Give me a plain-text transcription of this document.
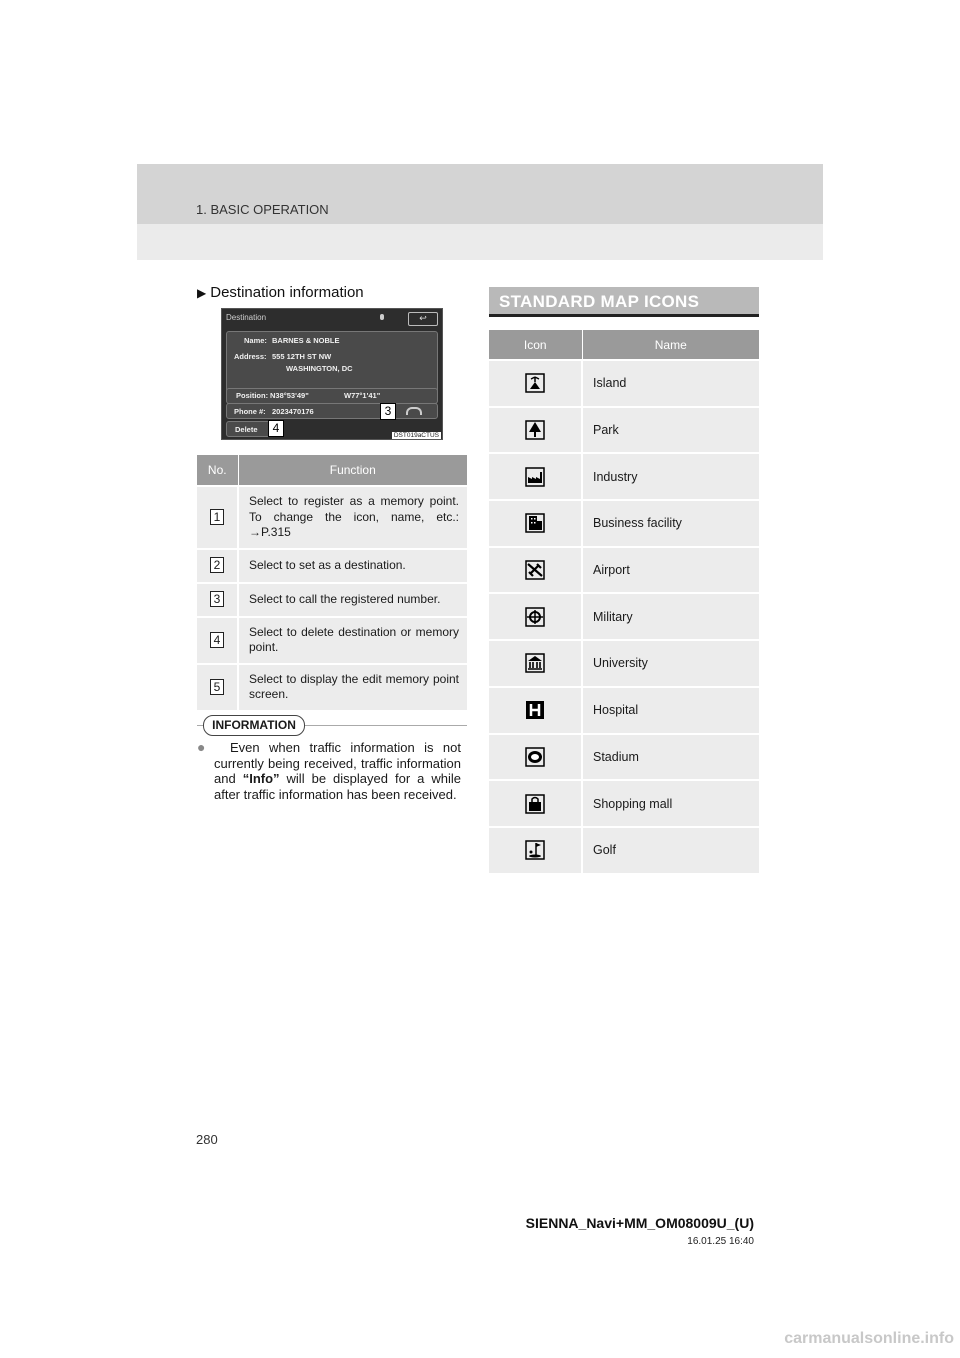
1. BASIC OPERATION
▶ Destination information
Destination	↩
Name: BARNES & NOBLE
Address: 555 12TH ST NW
WASHINGTON, DC
Position: N38°53'49"	W77°1'41"
Phone #: 2023470176
Delete
3
4
DST019aCTUS
No.	Function
1	Select to register as a memory point. To change the icon, name, etc.: →P.315
2	Select to set as a destination.
3	Select to call the registered number.
4	Select to delete destination or memory point.
5	Select to display the edit memory point screen.
INFORMATION
● Even when traffic information is not currently being received, traffic information and “Info” will be displayed for a while after traffic information has been received.
STANDARD MAP ICONS
Icon	Name
	Island
	Park
	Industry
	Business facility
	Airport
	Military
	University
	Hospital
	Stadium
	Shopping mall
	Golf
280
SIENNA_Navi+MM_OM08009U_(U)
16.01.25 16:40
carmanualsonline.info
